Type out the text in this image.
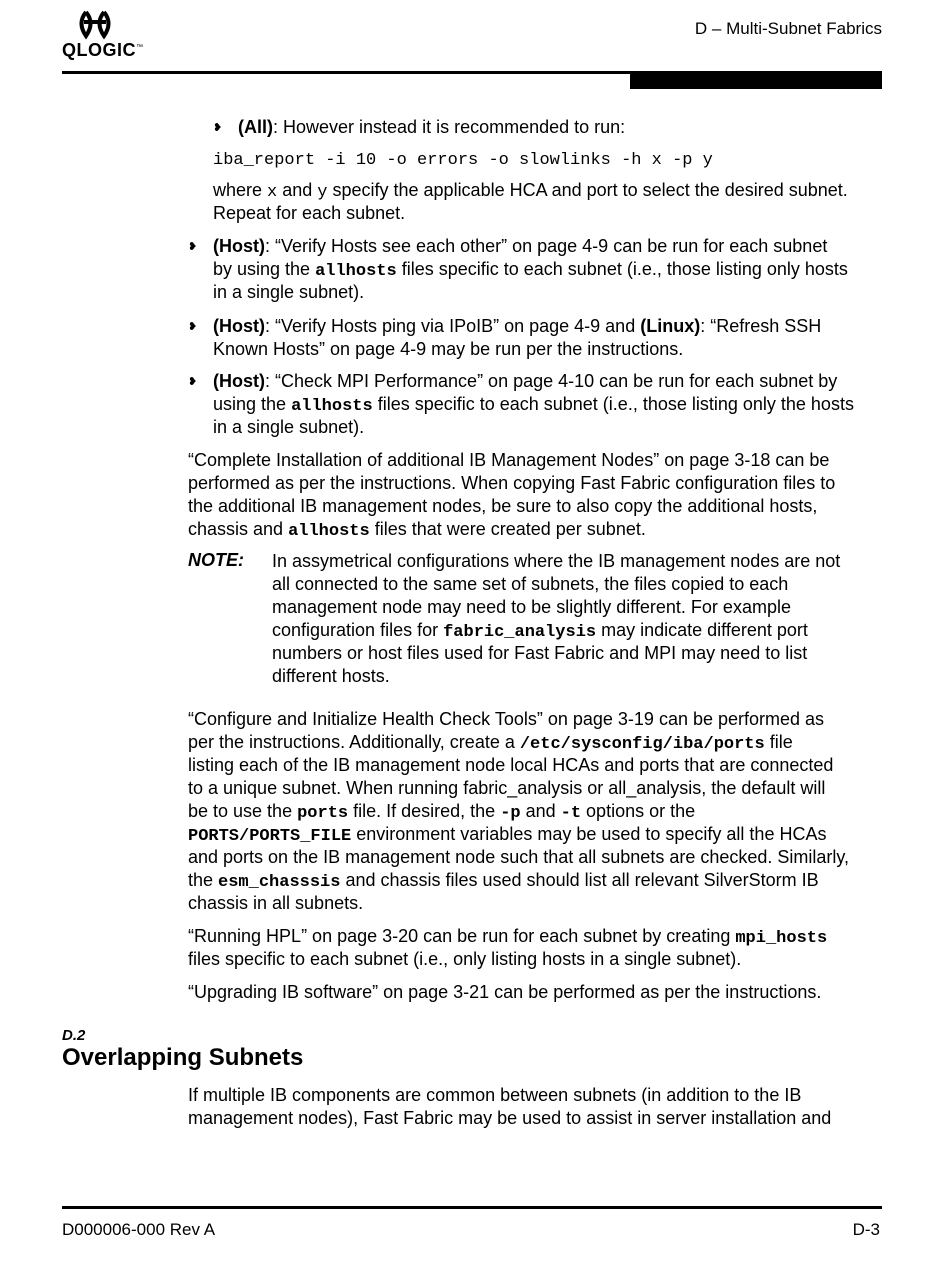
QLOGIC™
D – Multi-Subnet Fabrics
❥ (All): However instead it is recommended to run:

iba_report -i 10 -o errors -o slowlinks -h x -p y

where x and y specify the applicable HCA and port to select the desired subnet.

Repeat for each subnet.

❥ (Host): “Verify Hosts see each other” on page 4-9 can be run for each subnet

by using the allhosts files specific to each subnet (i.e., those listing only hosts

in a single subnet).

❥ (Host): “Verify Hosts ping via IPoIB” on page 4-9 and (Linux): “Refresh SSH

Known Hosts” on page 4-9 may be run per the instructions.

❥ (Host): “Check MPI Performance” on page 4-10 can be run for each subnet by

using the allhosts files specific to each subnet (i.e., those listing only the hosts

in a single subnet).

“Complete Installation of additional IB Management Nodes” on page 3-18 can be

performed as per the instructions. When copying Fast Fabric configuration files to

the additional IB management nodes, be sure to also copy the additional hosts,

chassis and allhosts files that were created per subnet.

NOTE: In assymetrical configurations where the IB management nodes are not

all connected to the same set of subnets, the files copied to each

management node may need to be slightly different. For example

configuration files for fabric_analysis may indicate different port

numbers or host files used for Fast Fabric and MPI may need to list

different hosts.

“Configure and Initialize Health Check Tools” on page 3-19 can be performed as

per the instructions. Additionally, create a /etc/sysconfig/iba/ports file

listing each of the IB management node local HCAs and ports that are connected

to a unique subnet. When running fabric_analysis or all_analysis, the default will

be to use the ports file. If desired, the -p and -t options or the

PORTS/PORTS_FILE environment variables may be used to specify all the HCAs

and ports on the IB management node such that all subnets are checked. Similarly,

the esm_chasssis and chassis files used should list all relevant SilverStorm IB

chassis in all subnets.

“Running HPL” on page 3-20 can be run for each subnet by creating mpi_hosts

files specific to each subnet (i.e., only listing hosts in a single subnet).

“Upgrading IB software” on page 3-21 can be performed as per the instructions.

D.2
Overlapping Subnets

If multiple IB components are common between subnets (in addition to the IB

management nodes), Fast Fabric may be used to assist in server installation and

D000006-000 Rev A	D-3
